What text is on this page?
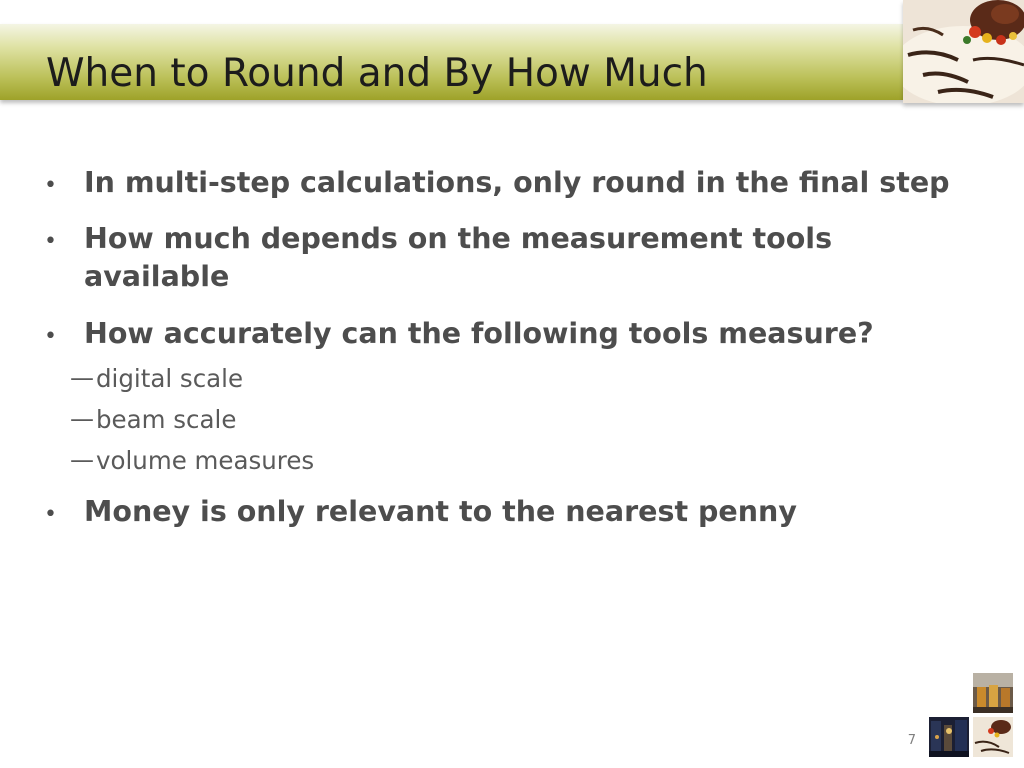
When to Round and By How Much
• In multi-step calculations, only round in the final step
• How much depends on the measurement tools
available
• How accurately can the following tools measure?
— digital scale
— beam scale
— volume measures
• Money is only relevant to the nearest penny
7
